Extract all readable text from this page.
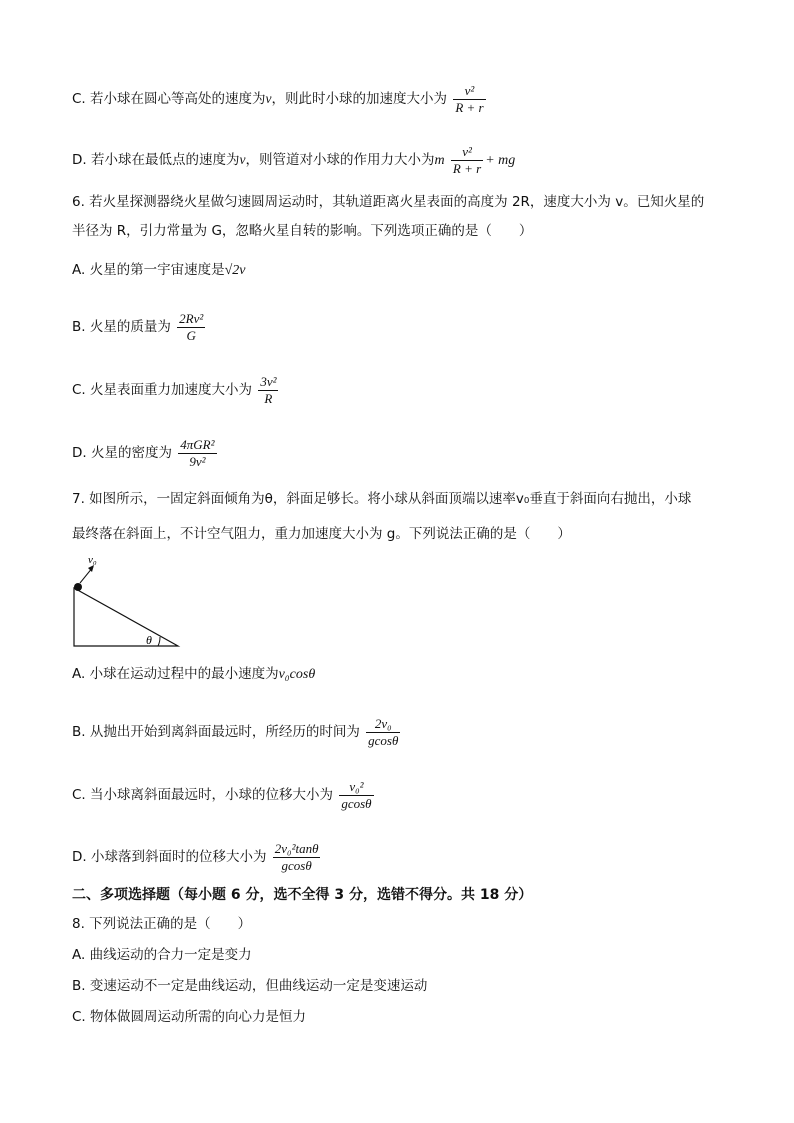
C. 若小球在圆心等高处的速度为v，则此时小球的加速度大小为 $\frac{\text{v²}}{R + r}$
D. 若小球在最低点的速度为v，则管道对小球的作用力大小为m $\frac{\text{v²}}{R + r}$ + mg
6. 若火星探测器绕火星做匀速圆周运动时，其轨道距离火星表面的高度为 2R，速度大小为 v。已知火星的
半径为 R，引力常量为 G，忽略火星自转的影响。下列选项正确的是（　　）
A. 火星的第一宇宙速度是√2v
B. 火星的质量为 $\frac{\text{2Rv²}}{G}$
C. 火星表面重力加速度大小为 $\frac{\text{3v²}}{R}$
D. 火星的密度为 $\frac{\text{4πGR²}}{\text{9v²}}$
7. 如图所示，一固定斜面倾角为θ，斜面足够长。将小球从斜面顶端以速率v₀垂直于斜面向右抛出，小球
最终落在斜面上，不计空气阻力，重力加速度大小为 g。下列说法正确的是（　　）
v₀
θ
A. 小球在运动过程中的最小速度为v₀cosθ
B. 从抛出开始到离斜面最远时，所经历的时间为 $\frac{\text{2v₀}}{gcos\theta}$
C. 当小球离斜面最远时，小球的位移大小为 $\frac{\text{v₀²}}{gcos\theta}$
D. 小球落到斜面时的位移大小为 $\frac{\text{2v₀²tanθ}}{gcos\theta}$
二、多项选择题（每小题 6 分，选不全得 3 分，选错不得分。共 18 分）
8. 下列说法正确的是（　　）
A. 曲线运动的合力一定是变力
B. 变速运动不一定是曲线运动，但曲线运动一定是变速运动
C. 物体做圆周运动所需的向心力是恒力
